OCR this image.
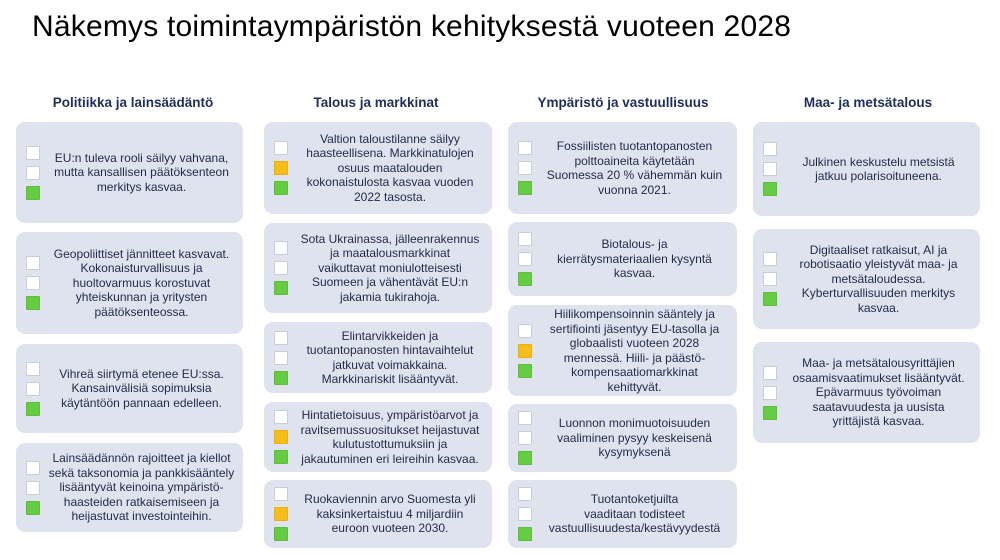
Näkemys toimintaympäristön kehityksestä vuoteen 2028
Politiikka ja lainsäädäntö
EU:n tuleva rooli säilyy vahvana,
mutta kansallisen päätöksenteon
merkitys kasvaa.
Geopoliittiset jännitteet kasvavat.
Kokonaisturvallisuus ja
huoltovarmuus korostuvat
yhteiskunnan ja yritysten
päätöksenteossa.
Vihreä siirtymä etenee EU:ssa.
Kansainvälisiä sopimuksia
käytäntöön pannaan edelleen.
Lainsäädännön rajoitteet ja kiellot
sekä taksonomia ja pankkisääntely
lisääntyvät keinoina ympäristö-
haasteiden ratkaisemiseen ja
heijastuvat investointeihin.
Talous ja markkinat
Valtion taloustilanne säilyy
haasteellisena. Markkinatulojen
osuus maatalouden
kokonaistulosta kasvaa vuoden
2022 tasosta.
Sota Ukrainassa, jälleenrakennus
ja maatalousmarkkinat
vaikuttavat moniulotteisesti
Suomeen ja vähentävät EU:n
jakamia tukirahoja.
Elintarvikkeiden ja
tuotantopanosten hintavaihtelut
jatkuvat voimakkaina.
Markkinariskit lisääntyvät.
Hintatietoisuus, ympäristöarvot ja
ravitsemussuositukset heijastuvat
kulutustottumuksiin ja
jakautuminen eri leireihin kasvaa.
Ruokaviennin arvo Suomesta yli
kaksinkertaistuu 4 miljardiin
euroon vuoteen 2030.
Ympäristö ja vastuullisuus
Fossiilisten tuotantopanosten
polttoaineita käytetään
Suomessa 20 % vähemmän kuin
vuonna 2021.
Biotalous- ja
kierrätysmateriaalien kysyntä
kasvaa.
Hiilikompensoinnin sääntely ja
sertifiointi jäsentyy EU-tasolla ja
globaalisti vuoteen 2028
mennessä. Hiili- ja päästö-
kompensaatiomarkkinat
kehittyvät.
Luonnon monimuotoisuuden
vaaliminen pysyy keskeisenä
kysymyksenä
Tuotantoketjuilta
vaaditaan todisteet
vastuullisuudesta/kestävyydestä
Maa- ja metsätalous
Julkinen keskustelu metsistä
jatkuu polarisoituneena.
Digitaaliset ratkaisut, AI ja
robotisaatio yleistyvät maa- ja
metsätaloudessa.
Kyberturvallisuuden merkitys
kasvaa.
Maa- ja metsätalousyrittäjien
osaamisvaatimukset lisääntyvät.
Epävarmuus työvoiman
saatavuudesta ja uusista
yrittäjistä kasvaa.
